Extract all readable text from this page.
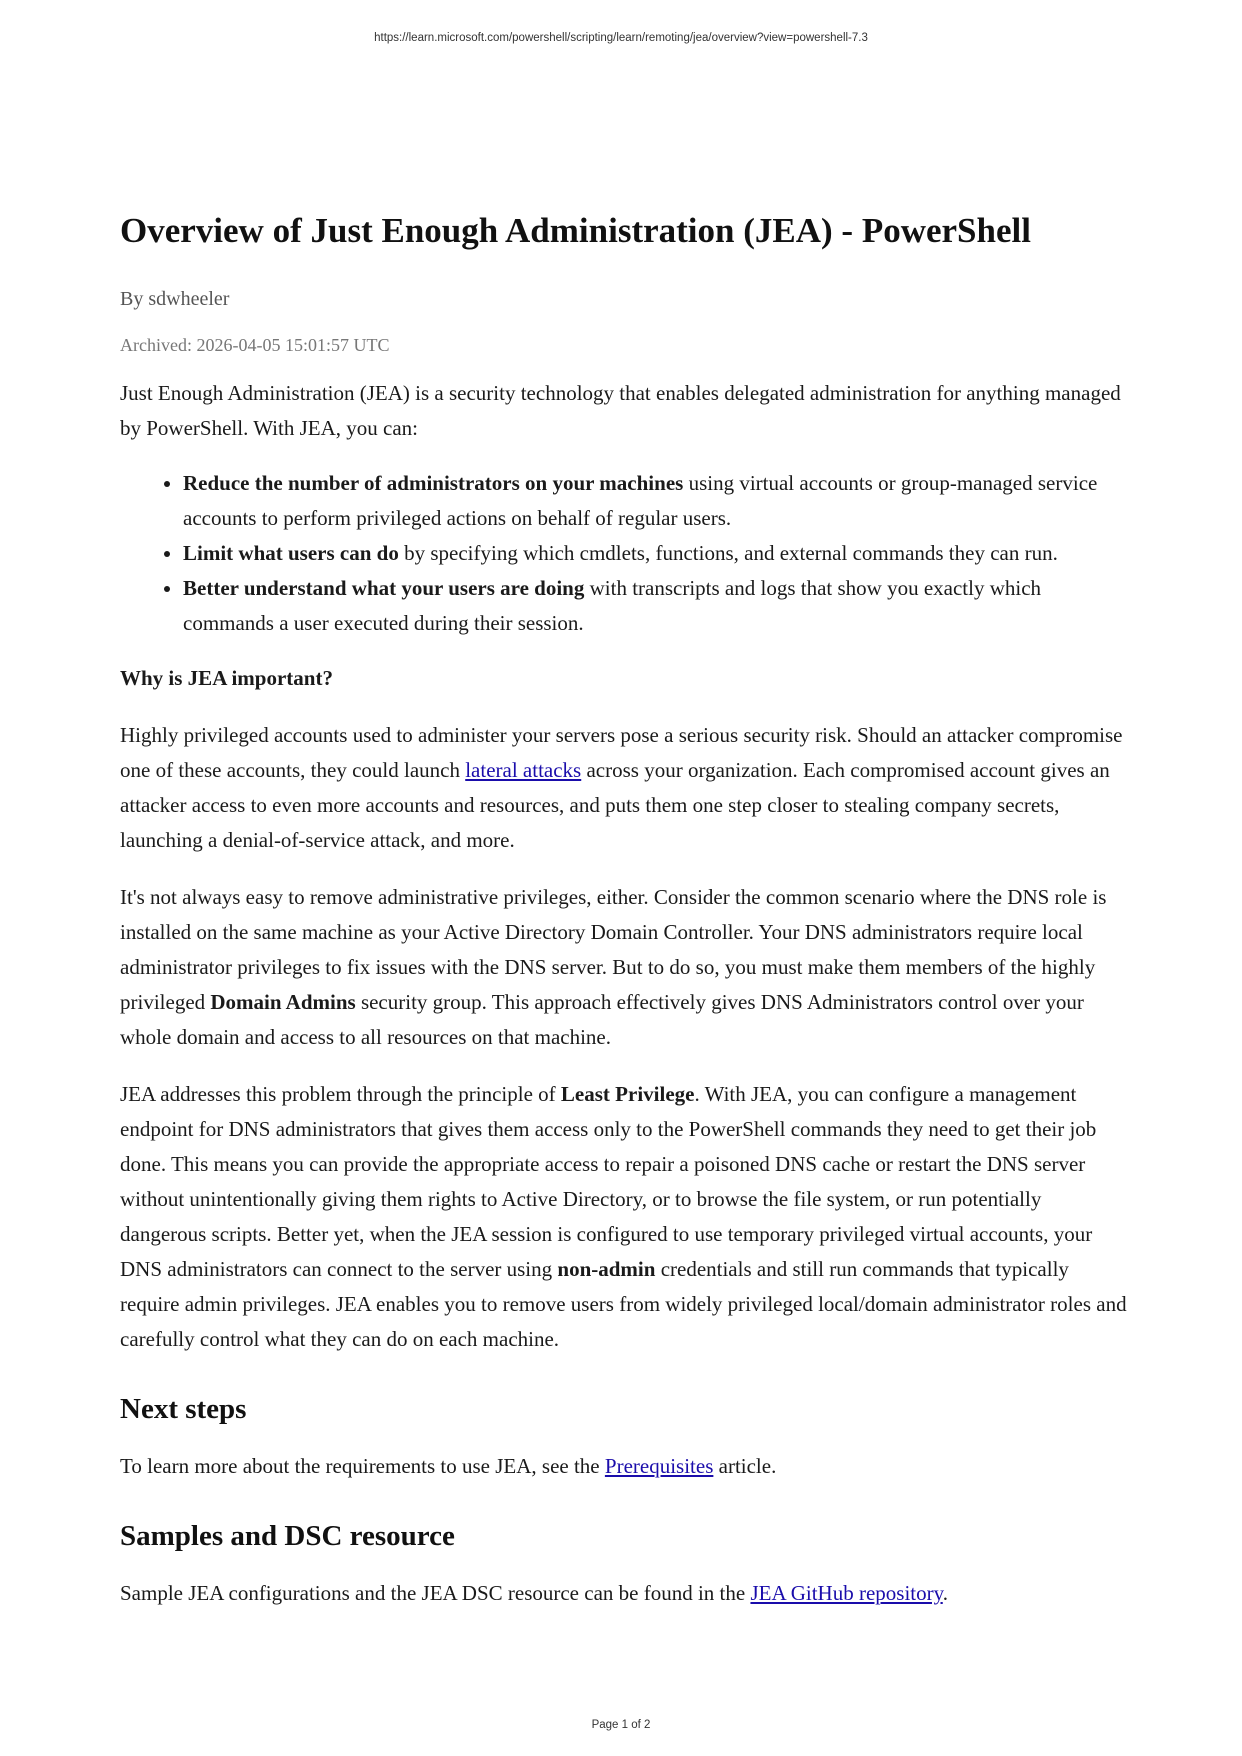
https://learn.microsoft.com/powershell/scripting/learn/remoting/jea/overview?view=powershell-7.3
Overview of Just Enough Administration (JEA) - PowerShell
By sdwheeler
Archived: 2026-04-05 15:01:57 UTC

Just Enough Administration (JEA) is a security technology that enables delegated administration for anything managed by PowerShell. With JEA, you can:

• Reduce the number of administrators on your machines using virtual accounts or group-managed service accounts to perform privileged actions on behalf of regular users.
• Limit what users can do by specifying which cmdlets, functions, and external commands they can run.
• Better understand what your users are doing with transcripts and logs that show you exactly which commands a user executed during their session.
Why is JEA important?

Highly privileged accounts used to administer your servers pose a serious security risk. Should an attacker compromise one of these accounts, they could launch lateral attacks across your organization. Each compromised account gives an attacker access to even more accounts and resources, and puts them one step closer to stealing company secrets, launching a denial-of-service attack, and more.

It's not always easy to remove administrative privileges, either. Consider the common scenario where the DNS role is installed on the same machine as your Active Directory Domain Controller. Your DNS administrators require local administrator privileges to fix issues with the DNS server. But to do so, you must make them members of the highly privileged Domain Admins security group. This approach effectively gives DNS Administrators control over your whole domain and access to all resources on that machine.

JEA addresses this problem through the principle of Least Privilege. With JEA, you can configure a management endpoint for DNS administrators that gives them access only to the PowerShell commands they need to get their job done. This means you can provide the appropriate access to repair a poisoned DNS cache or restart the DNS server without unintentionally giving them rights to Active Directory, or to browse the file system, or run potentially dangerous scripts. Better yet, when the JEA session is configured to use temporary privileged virtual accounts, your DNS administrators can connect to the server using non-admin credentials and still run commands that typically require admin privileges. JEA enables you to remove users from widely privileged local/domain administrator roles and carefully control what they can do on each machine.

Next steps

To learn more about the requirements to use JEA, see the Prerequisites article.

Samples and DSC resource

Sample JEA configurations and the JEA DSC resource can be found in the JEA GitHub repository.

Page 1 of 2
